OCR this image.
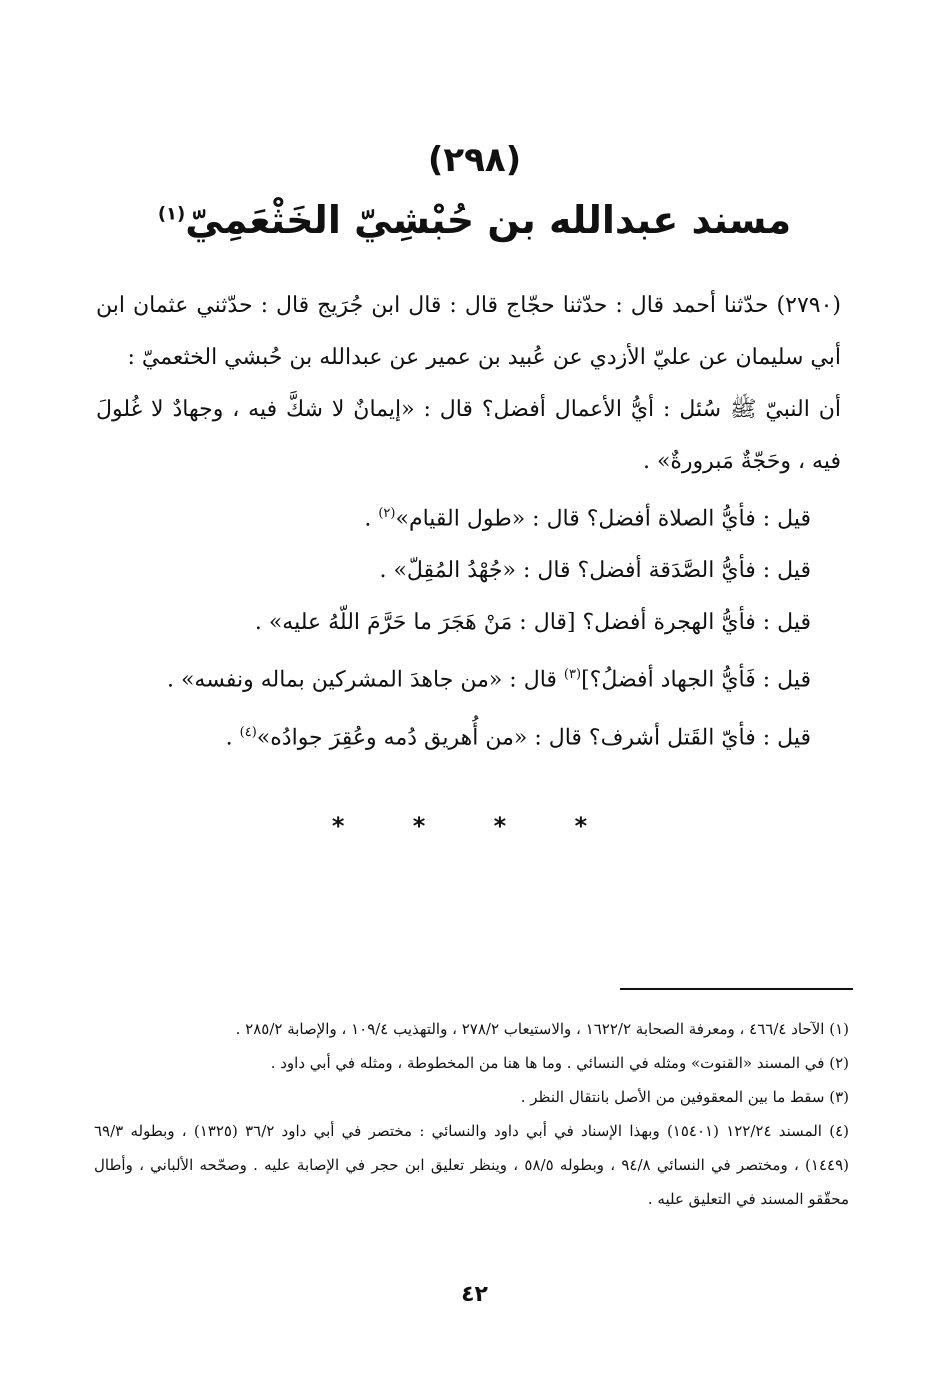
(٢٩٨)
مسند عبدالله بن حُبْشِيّ الخَثْعَمِيّ$^{(١)}$

(٢٧٩٠) حدّثنا أحمد قال : حدّثنا حجّاج قال : قال ابن جُرَيج قال : حدّثني عثمان ابن أبي سليمان عن عليّ الأزدي عن عُبيد بن عمير عن عبدالله بن حُبشي الخثعميّ :

أن النبيّ ﷺ سُئل : أيُّ الأعمال أفضل؟ قال : «إيمانٌ لا شكَّ فيه ، وجهادٌ لا غُلولَ فيه ، وحَجّةٌ مَبرورةٌ» .

قيل : فأيُّ الصلاة أفضل؟ قال : «طول القيام»$^{(٢)}$ .

قيل : فأيُّ الصَّدَقة أفضل؟ قال : «جُهْدُ المُقِلّ» .

قيل : فأيُّ الهجرة أفضل؟ [قال : مَنْ هَجَرَ ما حَرَّمَ اللّهُ عليه» .

قيل : فَأيُّ الجهاد أفضلُ؟]$^{(٣)}$ قال : «من جاهدَ المشركين بماله ونفسه» .

قيل : فأيّ القَتل أشرف؟ قال : «من أُهريق دُمه وعُقِرَ جوادُه»$^{(٤)}$ .

* * * *

(١) الآحاد ٤٦٦/٤ ، ومعرفة الصحابة ١٦٢٢/٢ ، والاستيعاب ٢٧٨/٢ ، والتهذيب ١٠٩/٤ ، والإصابة ٢٨٥/٢ .

(٢) في المسند «القنوت» ومثله في النسائي . وما ها هنا من المخطوطة ، ومثله في أبي داود .

(٣) سقط ما بين المعقوفين من الأصل بانتقال النظر .

(٤) المسند ١٢٢/٢٤ (١٥٤٠١) وبهذا الإسناد في أبي داود والنسائي : مختصر في أبي داود ٣٦/٢ (١٣٢٥) ، وبطوله ٦٩/٣ (١٤٤٩) ، ومختصر في النسائي ٩٤/٨ ، وبطوله ٥٨/٥ ، وينظر تعليق ابن حجر في الإصابة عليه . وصحّحه الألباني ، وأطال محقّقو المسند في التعليق عليه .

٤٢
